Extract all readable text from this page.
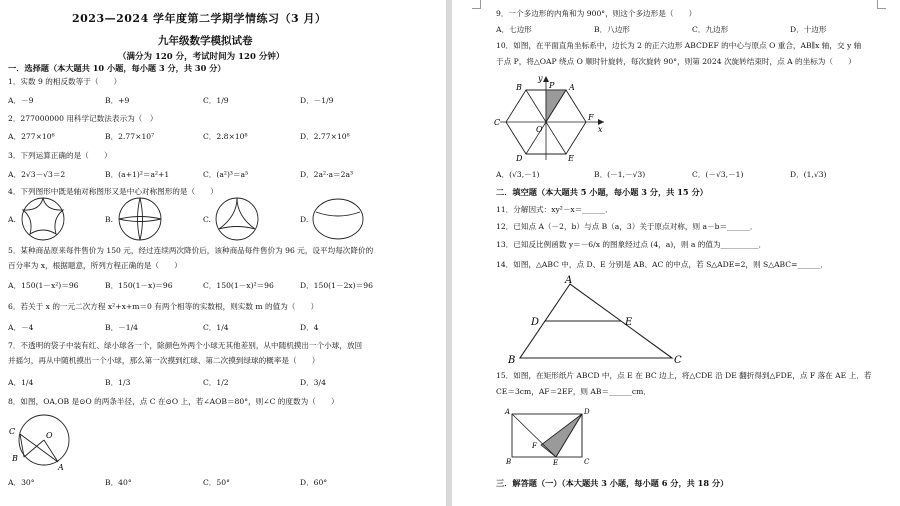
2023—2024 学年度第二学期学情练习（3 月）
九年级数学模拟试卷
（满分为 120 分，考试时间为 120 分钟）
一．选择题（本大题共 10 小题，每小题 3 分，共 30 分）
1．实数 9 的相反数等于（　　）
A．－9	B．+9	C．1/9	D．－1/9
2．277000000 用科学记数法表示为（　）
A．277×10⁶	B．2.77×10⁷	C．2.8×10⁸	D．2.77×10⁸
3．下列运算正确的是（　　）
A．2√3－√3＝2	B．(a+1)²＝a²+1	C．(a²)³＝a⁵	D．2a²·a＝2a³
4．下列图形中既是轴对称图形又是中心对称图形的是（　　）
A.	B.	C.	D.
5．某种商品原来每件售价为 150 元，经过连续两次降价后，该种商品每件售价为 96 元，设平均每次降价的
百分率为 x，根据题意，所列方程正确的是（　　）
A．150(1－x²)＝96	B．150(1－x)＝96	C．150(1－x)²＝96	D．150(1－2x)＝96
6．若关于 x 的一元二次方程 x²+x+m＝0 有两个相等的实数根，则实数 m 的值为（　　）
A．－4	B．－1/4	C．1/4	D．4
7．不透明的袋子中装有红、绿小球各一个，除颜色外两个小球无其他差别，从中随机摸出一个小球，放回
并摇匀，再从中随机摸出一个小球，那么第一次摸到红球、第二次摸到绿球的概率是（　　）
A．1/4	B．1/3	C．1/2	D．3/4
8．如图，OA,OB 是⊙O 的两条半径，点 C 在⊙O 上，若∠AOB＝80°，则∠C 的度数为（　　）
C	O
B
A
A．30°	B．40°	C．50°	D．60°
9．一个多边形的内角和为 900°，则这个多边形是（　　）
A．七边形	B．八边形	C．九边形	D．十边形
10．如图，在平面直角坐标系中，边长为 2 的正六边形 ABCDEF 的中心与原点 O 重合，AB∥x 轴，交 y 轴
于点 P，将△OAP 绕点 O 顺时针旋转，每次旋转 90°，则第 2024 次旋转结束时，点 A 的坐标为（　　）
y
B	P A
C
O
F
x
D	E
A．(√3,－1)	B．(－1,－√3)	C．(－√3,－1)	D．(1,√3)
二．填空题（本大题共 5 小题，每小题 3 分，共 15 分）
11．分解因式：xy²－x＝______．
12．已知点 A（－2，b）与点 B（a，3）关于原点对称，则 a－b＝______．
13．已知反比例函数 y＝－6/x 的图象经过点 (4，a)，则 a 的值为__________．
14．如图，△ABC 中，点 D、E 分别是 AB、AC 的中点，若 S△ADE=2，则 S△ABC=______．
A
D	E
B	C
15．如图，在矩形纸片 ABCD 中，点 E 在 BC 边上，将△CDE 沿 DE 翻折得到△FDE，点 F 落在 AE 上．若
CE＝3cm，AF＝2EF，则 AB＝______cm．
A	D
F
B	E	C
三．解答题（一）（本大题共 3 小题，每小题 6 分，共 18 分）
